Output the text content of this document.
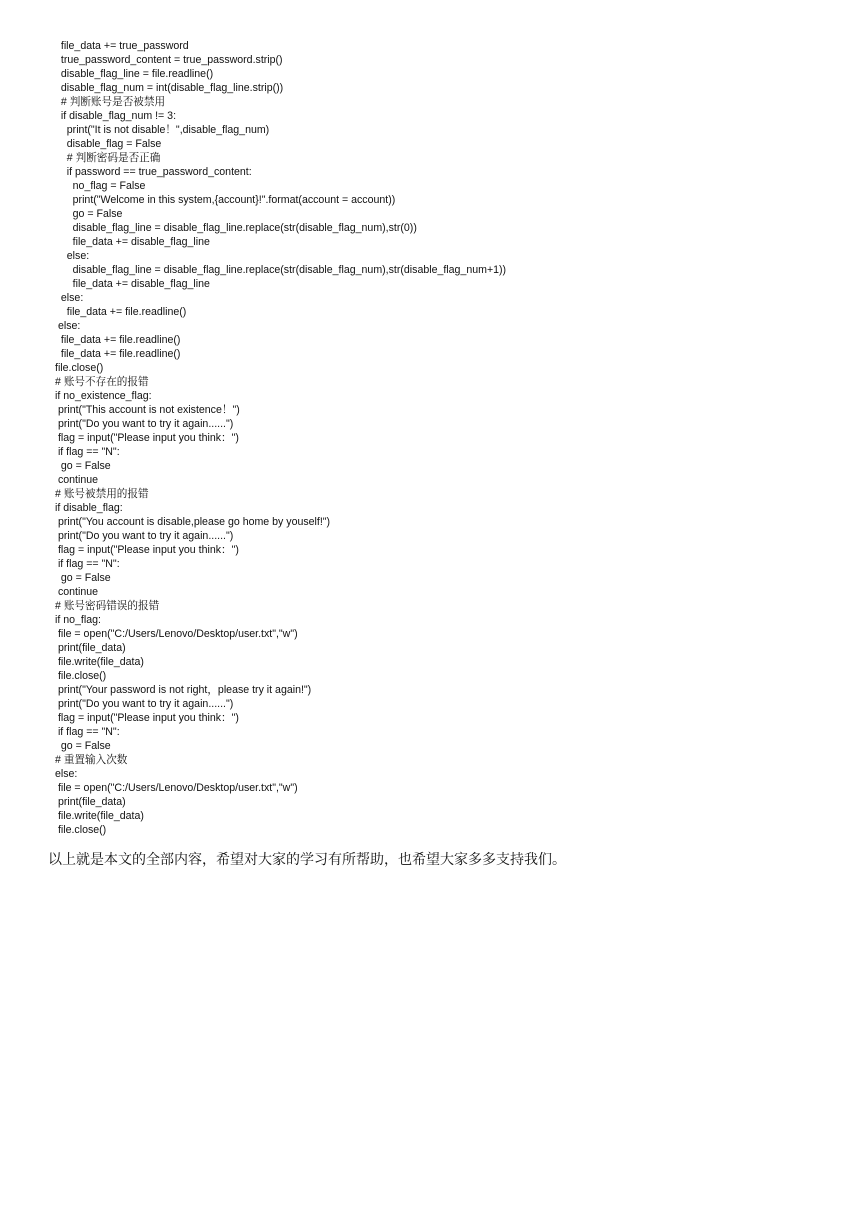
file_data += true_password
true_password_content = true_password.strip()
disable_flag_line = file.readline()
disable_flag_num = int(disable_flag_line.strip())
# 判断账号是否被禁用
if disable_flag_num != 3:
print("It is not disable！",disable_flag_num)
disable_flag = False
# 判断密码是否正确
if password == true_password_content:
no_flag = False
print("Welcome in this system,{account}!".format(account = account))
go = False
disable_flag_line = disable_flag_line.replace(str(disable_flag_num),str(0))
file_data += disable_flag_line
else:
disable_flag_line = disable_flag_line.replace(str(disable_flag_num),str(disable_flag_num+1))
file_data += disable_flag_line
else:
file_data += file.readline()
else:
file_data += file.readline()
file_data += file.readline()
file.close()
# 账号不存在的报错
if no_existence_flag:
print("This account is not existence！")
print("Do you want to try it again......")
flag = input("Please input you think：")
if flag == "N":
go = False
continue
# 账号被禁用的报错
if disable_flag:
print("You account is disable,please go home by youself!")
print("Do you want to try it again......")
flag = input("Please input you think：")
if flag == "N":
go = False
continue
# 账号密码错误的报错
if no_flag:
file = open("C:/Users/Lenovo/Desktop/user.txt","w")
print(file_data)
file.write(file_data)
file.close()
print("Your password is not right，please try it again!")
print("Do you want to try it again......")
flag = input("Please input you think：")
if flag == "N":
go = False
# 重置输入次数
else:
file = open("C:/Users/Lenovo/Desktop/user.txt","w")
print(file_data)
file.write(file_data)
file.close()
以上就是本文的全部内容，希望对大家的学习有所帮助，也希望大家多多支持我们。
